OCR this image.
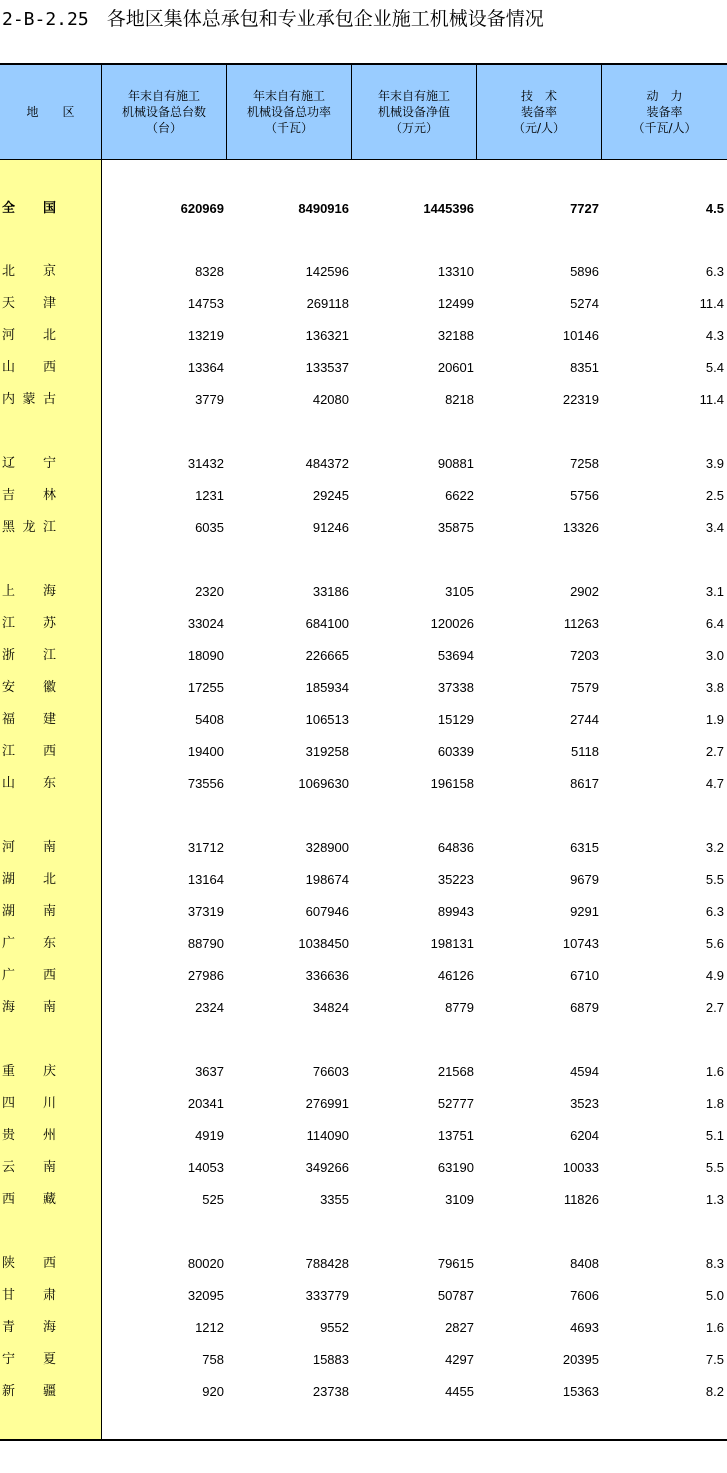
2-B-2.25 各地区集体总承包和专业承包企业施工机械设备情况
地　　区
年末自有施工
机械设备总台数
（台）
年末自有施工
机械设备总功率
（千瓦）
年末自有施工
机械设备净值
（万元）
技　术
装备率
（元/人）
动　力
装备率
（千瓦/人）
全 国	620969	8490916	1445396	7727	4.5
北 京	8328	142596	13310	5896	6.3
天 津	14753	269118	12499	5274	11.4
河 北	13219	136321	32188	10146	4.3
山 西	13364	133537	20601	8351	5.4
内 蒙 古	3779	42080	8218	22319	11.4
辽 宁	31432	484372	90881	7258	3.9
吉 林	1231	29245	6622	5756	2.5
黑 龙 江	6035	91246	35875	13326	3.4
上 海	2320	33186	3105	2902	3.1
江 苏	33024	684100	120026	11263	6.4
浙 江	18090	226665	53694	7203	3.0
安 徽	17255	185934	37338	7579	3.8
福 建	5408	106513	15129	2744	1.9
江 西	19400	319258	60339	5118	2.7
山 东	73556	1069630	196158	8617	4.7
河 南	31712	328900	64836	6315	3.2
湖 北	13164	198674	35223	9679	5.5
湖 南	37319	607946	89943	9291	6.3
广 东	88790	1038450	198131	10743	5.6
广 西	27986	336636	46126	6710	4.9
海 南	2324	34824	8779	6879	2.7
重 庆	3637	76603	21568	4594	1.6
四 川	20341	276991	52777	3523	1.8
贵 州	4919	114090	13751	6204	5.1
云 南	14053	349266	63190	10033	5.5
西 藏	525	3355	3109	11826	1.3
陕 西	80020	788428	79615	8408	8.3
甘 肃	32095	333779	50787	7606	5.0
青 海	1212	9552	2827	4693	1.6
宁 夏	758	15883	4297	20395	7.5
新 疆	920	23738	4455	15363	8.2
